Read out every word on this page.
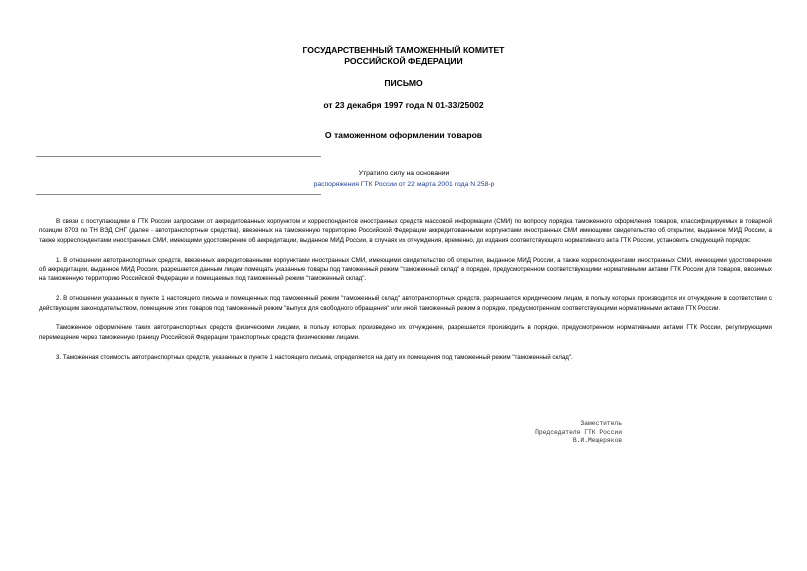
ГОСУДАРСТВЕННЫЙ ТАМОЖЕННЫЙ КОМИТЕТ
РОССИЙСКОЙ ФЕДЕРАЦИИ
ПИСЬМО
от 23 декабря 1997 года N 01-33/25002
О таможенном оформлении товаров
Утратило силу на основании
распоряжения ГТК России от 22 марта 2001 года N 258-р

В связи с поступающими в ГТК России запросами от аккредитованных корпунктом и корреспондентов иностранных средств массовой информации (СМИ) по вопросу порядка таможенного оформления товаров, классифицируемых в товарной позиции 8703 по ТН ВЭД СНГ (далее - автотранспортные средства), ввезенных на таможенную территорию Российской Федерации аккредитованными корпунктами иностранных СМИ имеющими свидетельство об открытии, выданное МИД России, а также корреспондентами иностранных СМИ, имеющими удостоверение об аккредитации, выданное МИД России, в случаях их отчуждения, временно, до издания соответствующего нормативного акта ГТК России, установить следующий порядок:

1. В отношении автотранспортных средств, ввезенных аккредитованными корпунктами иностранных СМИ, имеющими свидетельство об открытии, выданное МИД России, а также корреспондентами иностранных СМИ, имеющими удостоверение об аккредитации, выданное МИД России, разрешается данным лицам помещать указанные товары под таможенный режим "таможенный склад" в порядке, предусмотренном соответствующими нормативными актами ГТК России для товаров, ввозимых на таможенную территорию Российской Федерации и помещаемых под таможенный режим "таможенный склад".

2. В отношении указанных в пункте 1 настоящего письма и помещенных под таможенный режим "таможенный склад" автотранспортных средств, разрешается юридическим лицам, в пользу которых производится их отчуждение в соответствии с действующим законодательством, помещение этих товаров под таможенный режим "выпуск для свободного обращения" или иной таможенный режим в порядке, предусмотренном соответствующими нормативными актами ГТК России.

Таможенное оформление таких автотранспортных средств физическими лицами, в пользу которых произведено их отчуждение, разрешается производить в порядке, предусмотренном нормативными актами ГТК России, регулирующими перемещение через таможенную границу Российской Федерации транспортных средств физическими лицами.

3. Таможенная стоимость автотранспортных средств, указанных в пункте 1 настоящего письма, определяется на дату их помещения под таможенный режим "таможенный склад".

Заместитель
Председателя ГТК России
В.И.Мещеряков
